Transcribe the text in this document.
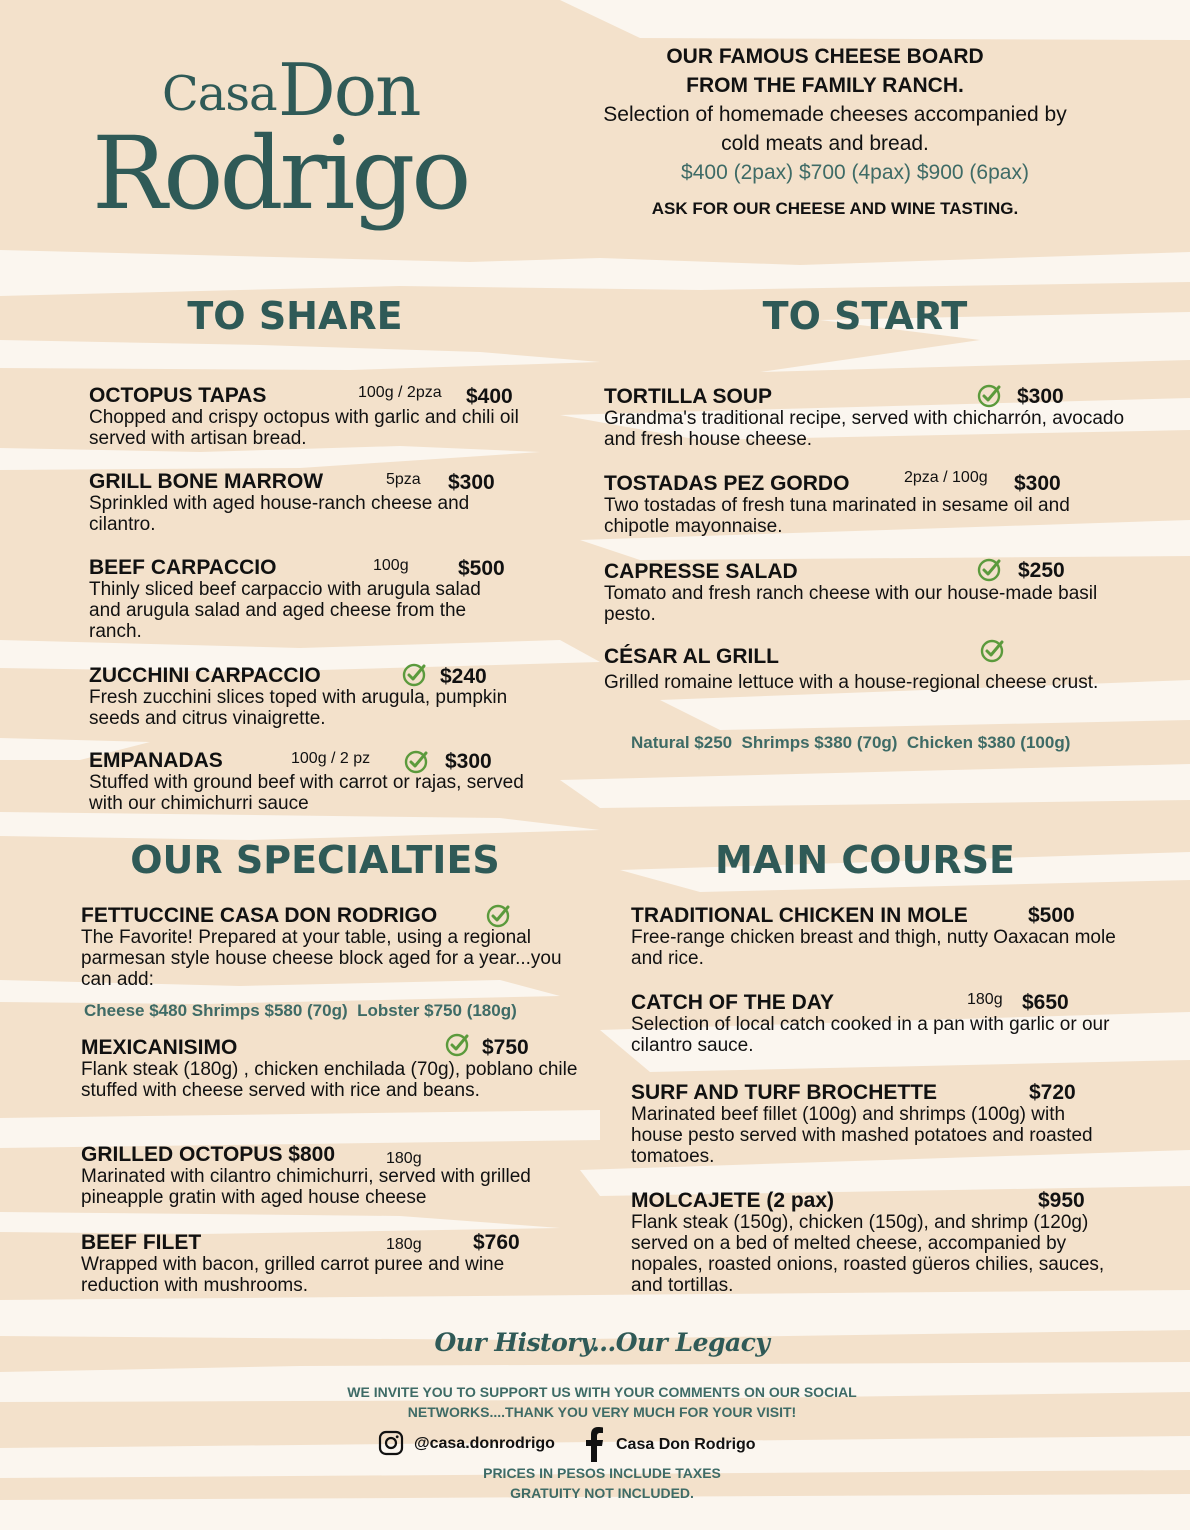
Casa Don
Rodrigo
OUR FAMOUS CHEESE BOARD
FROM THE FAMILY RANCH.
Selection of homemade cheeses accompanied by
cold meats and bread.
$400 (2pax) $700 (4pax) $900 (6pax)
ASK FOR OUR CHEESE AND WINE TASTING.
TO SHARE	TO START
OUR SPECIALTIES	MAIN COURSE
OCTOPUS TAPAS
Chopped and crispy octopus with garlic and chili oil served with artisan bread.
100g / 2pza $400
GRILL BONE MARROW
Sprinkled with aged house-ranch cheese and cilantro.
5pza $300
BEEF CARPACCIO
Thinly sliced beef carpaccio with arugula salad and arugula salad and aged cheese from the ranch.
100g $500
ZUCCHINI CARPACCIO
Fresh zucchini slices toped with arugula, pumpkin seeds and citrus vinaigrette.
$240
EMPANADAS
Stuffed with ground beef with carrot or rajas, served with our chimichurri sauce
100g / 2 pz	$300
TORTILLA SOUP
Grandma's traditional recipe, served with chicharrón, avocado and fresh house cheese.
$300
TOSTADAS PEZ GORDO
Two tostadas of fresh tuna marinated in sesame oil and chipotle mayonnaise.
2pza / 100g $300
CAPRESSE SALAD
Tomato and fresh ranch cheese with our house-made basil pesto.
$250
CÉSAR AL GRILL
Grilled romaine lettuce with a house-regional cheese crust.
Natural $250  Shrimps $380 (70g)  Chicken $380 (100g)
FETTUCCINE CASA DON RODRIGO
The Favorite! Prepared at your table, using a regional parmesan style house cheese block aged for a year...you can add:
Cheese $480 Shrimps $580 (70g)  Lobster $750 (180g)
MEXICANISIMO
Flank steak (180g) , chicken enchilada (70g), poblano chile stuffed with cheese served with rice and beans.
$750
GRILLED OCTOPUS $800
Marinated with cilantro chimichurri, served with grilled pineapple gratin with aged house cheese
180g
BEEF FILET
Wrapped with bacon, grilled carrot puree and wine reduction with mushrooms.
180g $760
TRADITIONAL CHICKEN IN MOLE
Free-range chicken breast and thigh, nutty Oaxacan mole and rice.
$500
CATCH OF THE DAY
Selection of local catch cooked in a pan with garlic or our cilantro sauce.
180g $650
SURF AND TURF BROCHETTE
Marinated beef fillet (100g) and shrimps (100g) with house pesto served with mashed potatoes and roasted tomatoes.
$720
MOLCAJETE (2 pax)
Flank steak (150g), chicken (150g), and shrimp (120g) served on a bed of melted cheese, accompanied by nopales, roasted onions, roasted güeros chilies, sauces, and tortillas.
$950
Our History...Our Legacy
WE INVITE YOU TO SUPPORT US WITH YOUR COMMENTS ON OUR SOCIAL
NETWORKS....THANK YOU VERY MUCH FOR YOUR VISIT!
@casa.donrodrigo	Casa Don Rodrigo
PRICES IN PESOS INCLUDE TAXES
GRATUITY NOT INCLUDED.
